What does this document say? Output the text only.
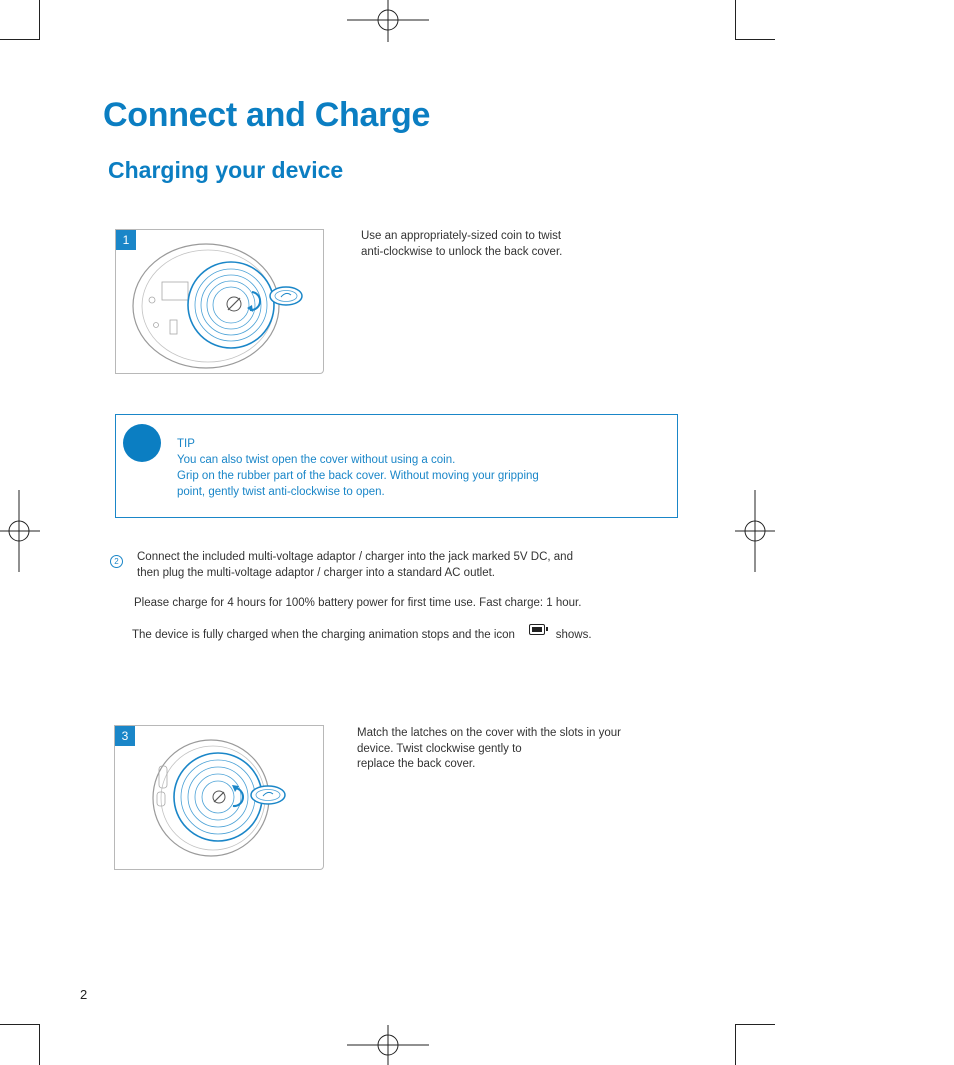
Connect and Charge
Charging your device
1	Use an appropriately-sized coin to twist
anti-clockwise to unlock the back cover.
TIP
You can also twist open the cover without using a coin.
Grip on the rubber part of the back cover. Without moving your gripping
point, gently twist anti-clockwise to open.
2	Connect the included multi-voltage adaptor / charger into the jack marked 5V DC, and
then plug the multi-voltage adaptor / charger into a standard AC outlet.
Please charge for 4 hours for 100% battery power for first time use. Fast charge: 1 hour.
The device is fully charged when the charging animation stops and the icon	shows.
3	Match the latches on the cover with the slots in your
device. Twist clockwise gently to
replace the back cover.
2
